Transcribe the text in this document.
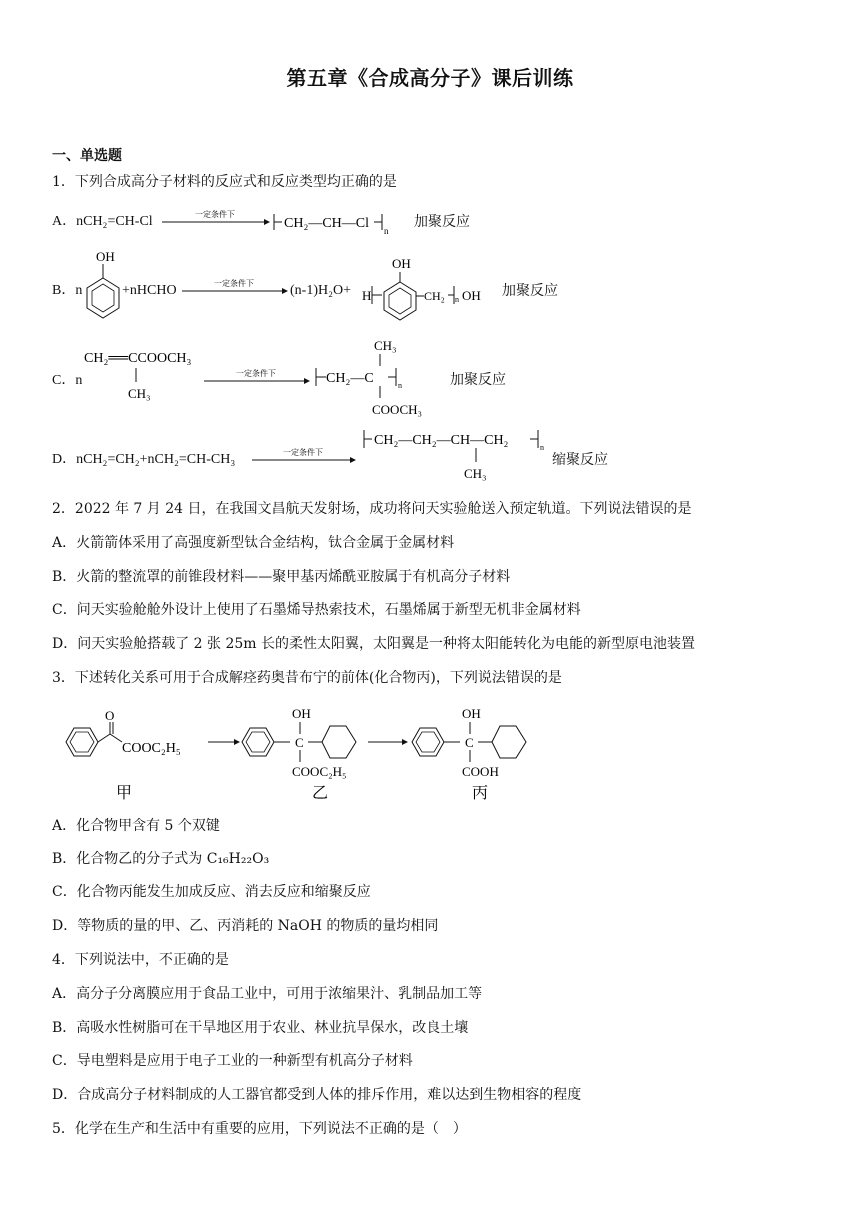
第五章《合成高分子》课后训练
一、单选题
1．下列合成高分子材料的反应式和反应类型均正确的是
A．nCH₂=CH-Cl	一定条件下
CH₂—CH—Cl n
加聚反应
B．n
OH
+nHCHO	一定条件下	(n-1)H₂O+ H
OH
CH₂ n OH 加聚反应
C．n
CH₂══CCOOCH₃
CH₃
一定条件下
CH₃
CH₂—C	n
COOCH₃
加聚反应
D．nCH₂=CH₂+nCH₂=CH-CH₃	一定条件下
CH₂—CH₂—CH—CH₂	n
CH₃
缩聚反应
2．2022 年 7 月 24 日，在我国文昌航天发射场，成功将问天实验舱送入预定轨道。下列说法错误的是
A．火箭箭体采用了高强度新型钛合金结构，钛合金属于金属材料
B．火箭的整流罩的前锥段材料——聚甲基丙烯酰亚胺属于有机高分子材料
C．问天实验舱舱外设计上使用了石墨烯导热索技术，石墨烯属于新型无机非金属材料
D．问天实验舱搭载了 2 张 25m 长的柔性太阳翼，太阳翼是一种将太阳能转化为电能的新型原电池装置
3．下述转化关系可用于合成解痉药奥昔布宁的前体(化合物丙)，下列说法错误的是
O
COOC₂H₅
甲
OH
C
COOC₂H₅
乙
OH
C
COOH
丙
A．化合物甲含有 5 个双键
B．化合物乙的分子式为 C₁₆H₂₂O₃
C．化合物丙能发生加成反应、消去反应和缩聚反应
D．等物质的量的甲、乙、丙消耗的 NaOH 的物质的量均相同
4．下列说法中，不正确的是
A．高分子分离膜应用于食品工业中，可用于浓缩果汁、乳制品加工等
B．高吸水性树脂可在干旱地区用于农业、林业抗旱保水，改良土壤
C．导电塑料是应用于电子工业的一种新型有机高分子材料
D．合成高分子材料制成的人工器官都受到人体的排斥作用，难以达到生物相容的程度
5．化学在生产和生活中有重要的应用，下列说法不正确的是（　）
